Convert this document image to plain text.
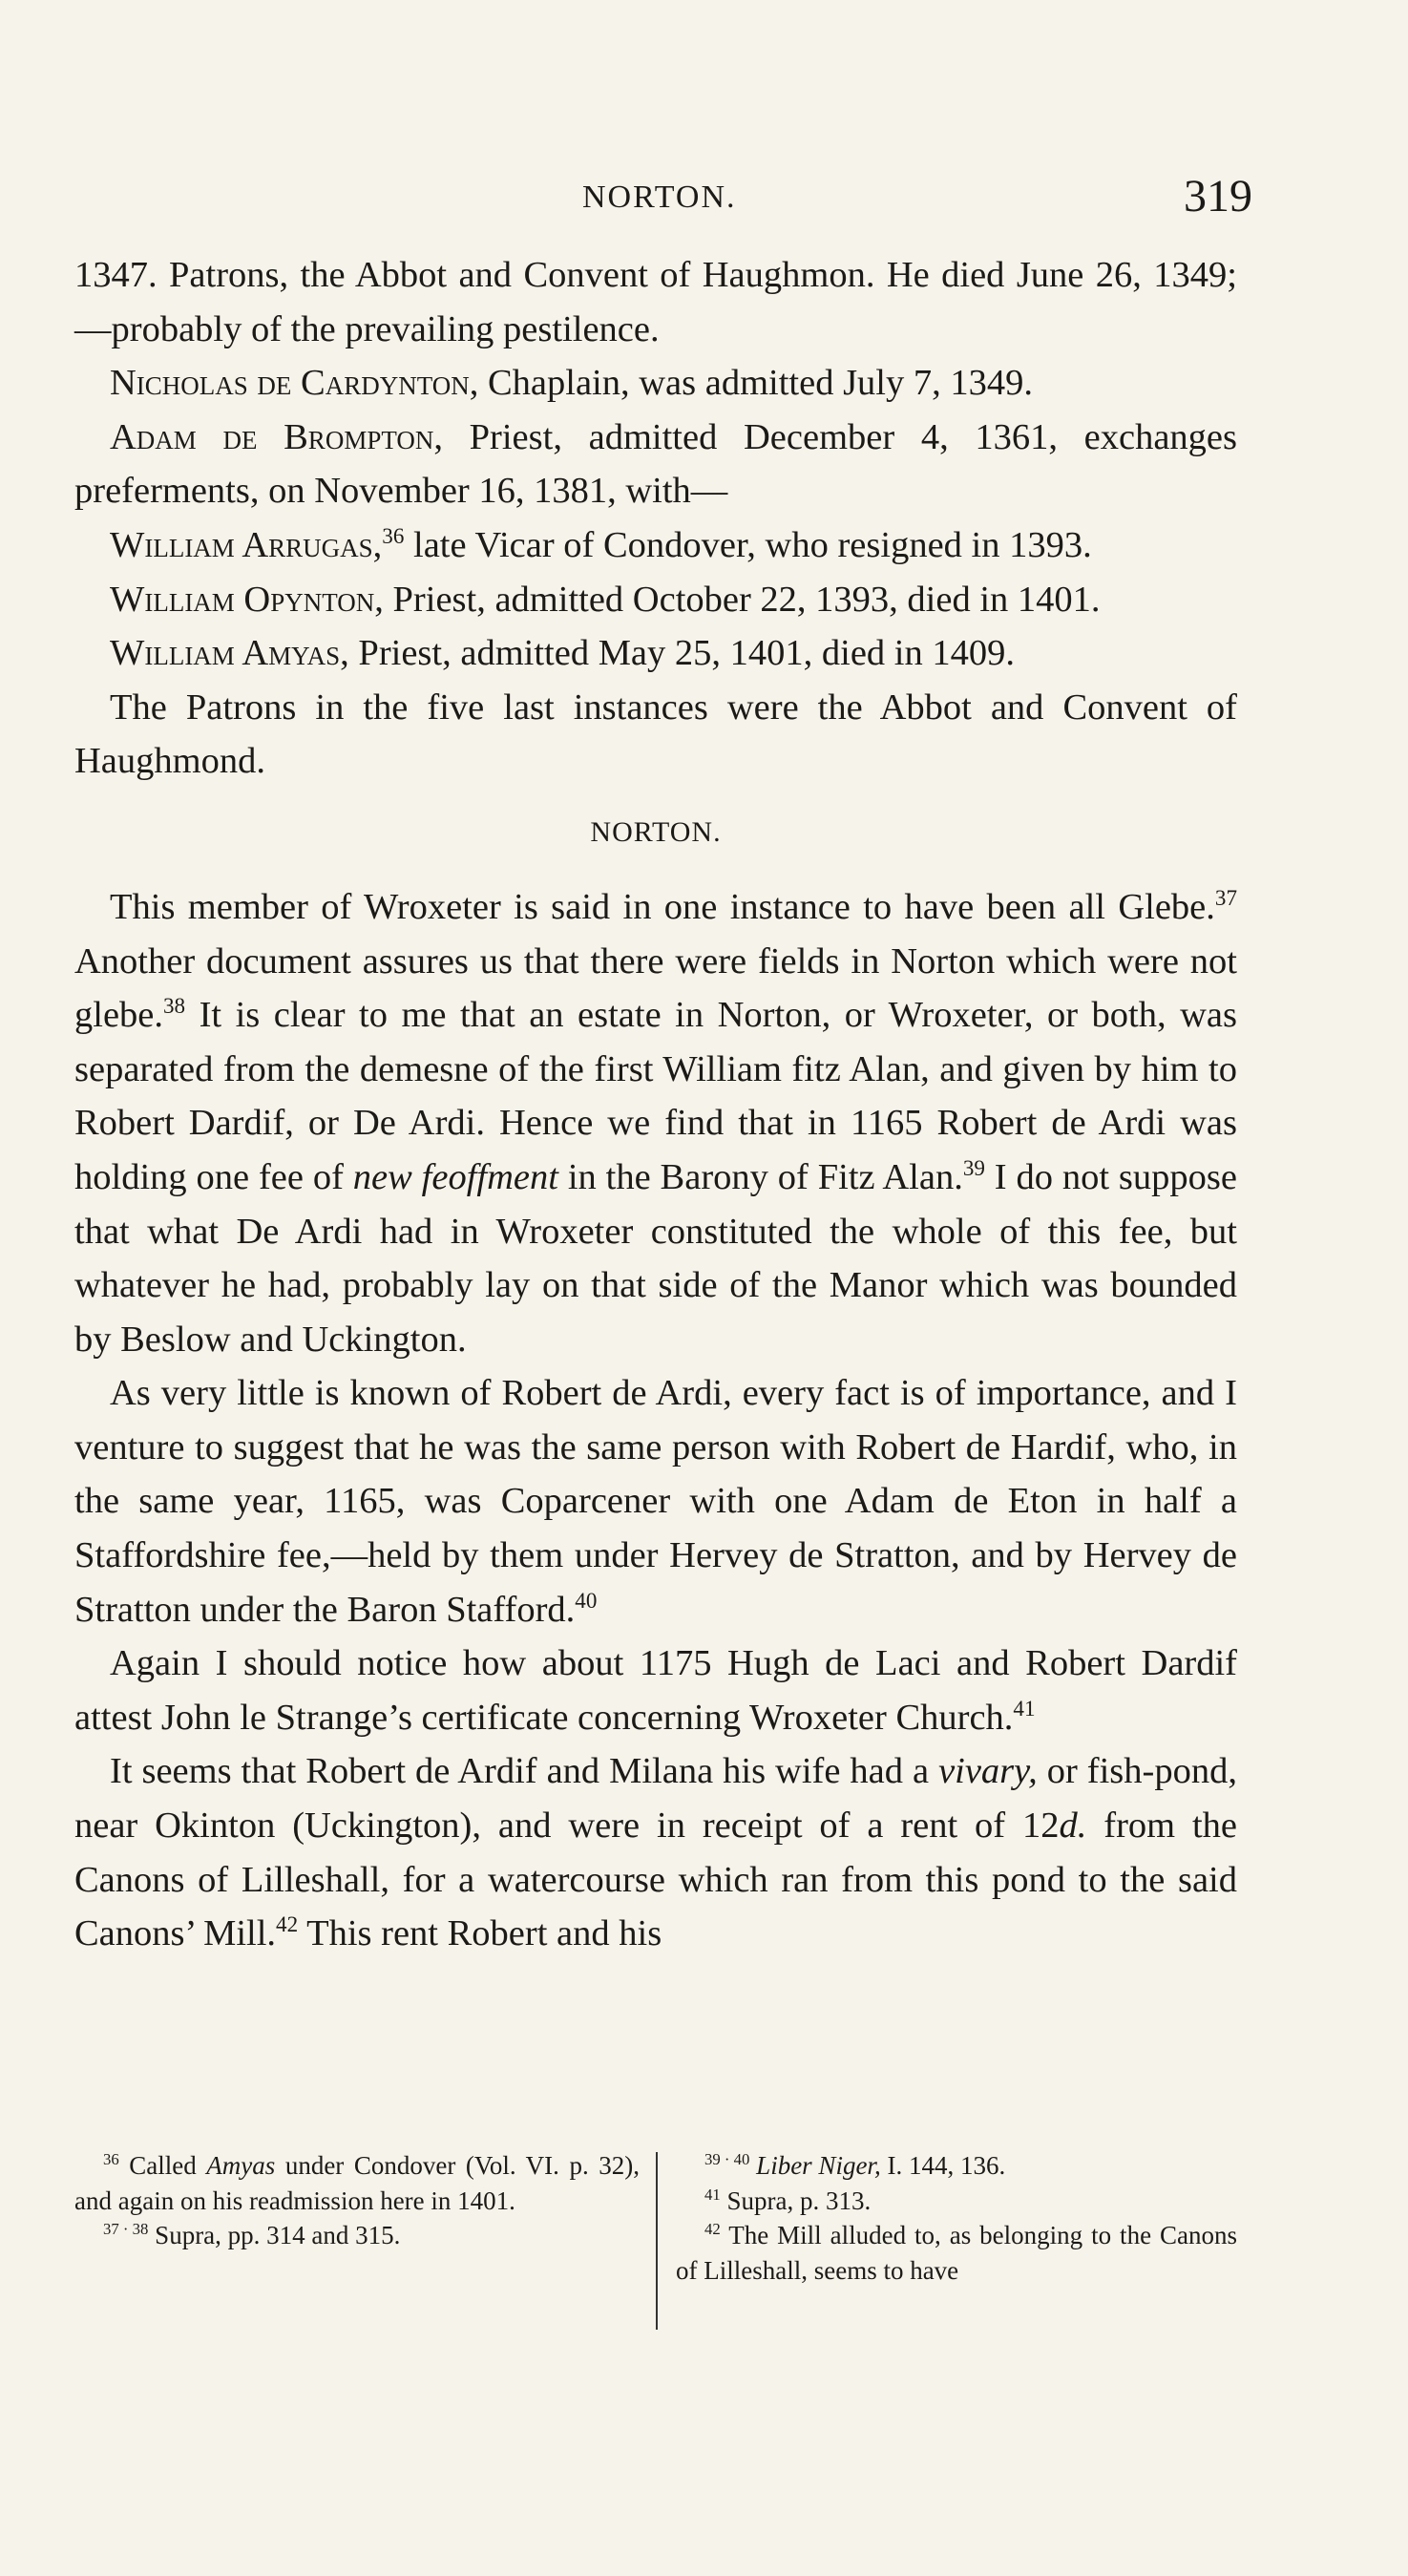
NORTON.	319

1347. Patrons, the Abbot and Convent of Haughmon. He died June 26, 1349;—probably of the prevailing pestilence.

Nicholas de Cardynton, Chaplain, was admitted July 7, 1349.

Adam de Brompton, Priest, admitted December 4, 1361, exchanges preferments, on November 16, 1381, with—

William Arrugas,$^{36}$ late Vicar of Condover, who resigned in 1393.

William Opynton, Priest, admitted October 22, 1393, died in 1401.

William Amyas, Priest, admitted May 25, 1401, died in 1409.

The Patrons in the five last instances were the Abbot and Convent of Haughmond.

NORTON.

This member of Wroxeter is said in one instance to have been all Glebe.$^{37}$ Another document assures us that there were fields in Norton which were not glebe.$^{38}$ It is clear to me that an estate in Norton, or Wroxeter, or both, was separated from the demesne of the first William fitz Alan, and given by him to Robert Dardif, or De Ardi. Hence we find that in 1165 Robert de Ardi was holding one fee of new feoffment in the Barony of Fitz Alan.$^{39}$ I do not suppose that what De Ardi had in Wroxeter constituted the whole of this fee, but whatever he had, probably lay on that side of the Manor which was bounded by Beslow and Uckington.

As very little is known of Robert de Ardi, every fact is of importance, and I venture to suggest that he was the same person with Robert de Hardif, who, in the same year, 1165, was Coparcener with one Adam de Eton in half a Staffordshire fee,—held by them under Hervey de Stratton, and by Hervey de Stratton under the Baron Stafford.$^{40}$

Again I should notice how about 1175 Hugh de Laci and Robert Dardif attest John le Strange’s certificate concerning Wroxeter Church.$^{41}$

It seems that Robert de Ardif and Milana his wife had a vivary, or fish-pond, near Okinton (Uckington), and were in receipt of a rent of 12d. from the Canons of Lilleshall, for a watercourse which ran from this pond to the said Canons’ Mill.$^{42}$ This rent Robert and his

$^{36}$ Called Amyas under Condover (Vol. VI. p. 32), and again on his readmission here in 1401.

$^{37 \cdot 38}$ Supra, pp. 314 and 315.

$^{39 \cdot 40}$ Liber Niger, I. 144, 136.

$^{41}$ Supra, p. 313.

$^{42}$ The Mill alluded to, as belonging to the Canons of Lilleshall, seems to have
